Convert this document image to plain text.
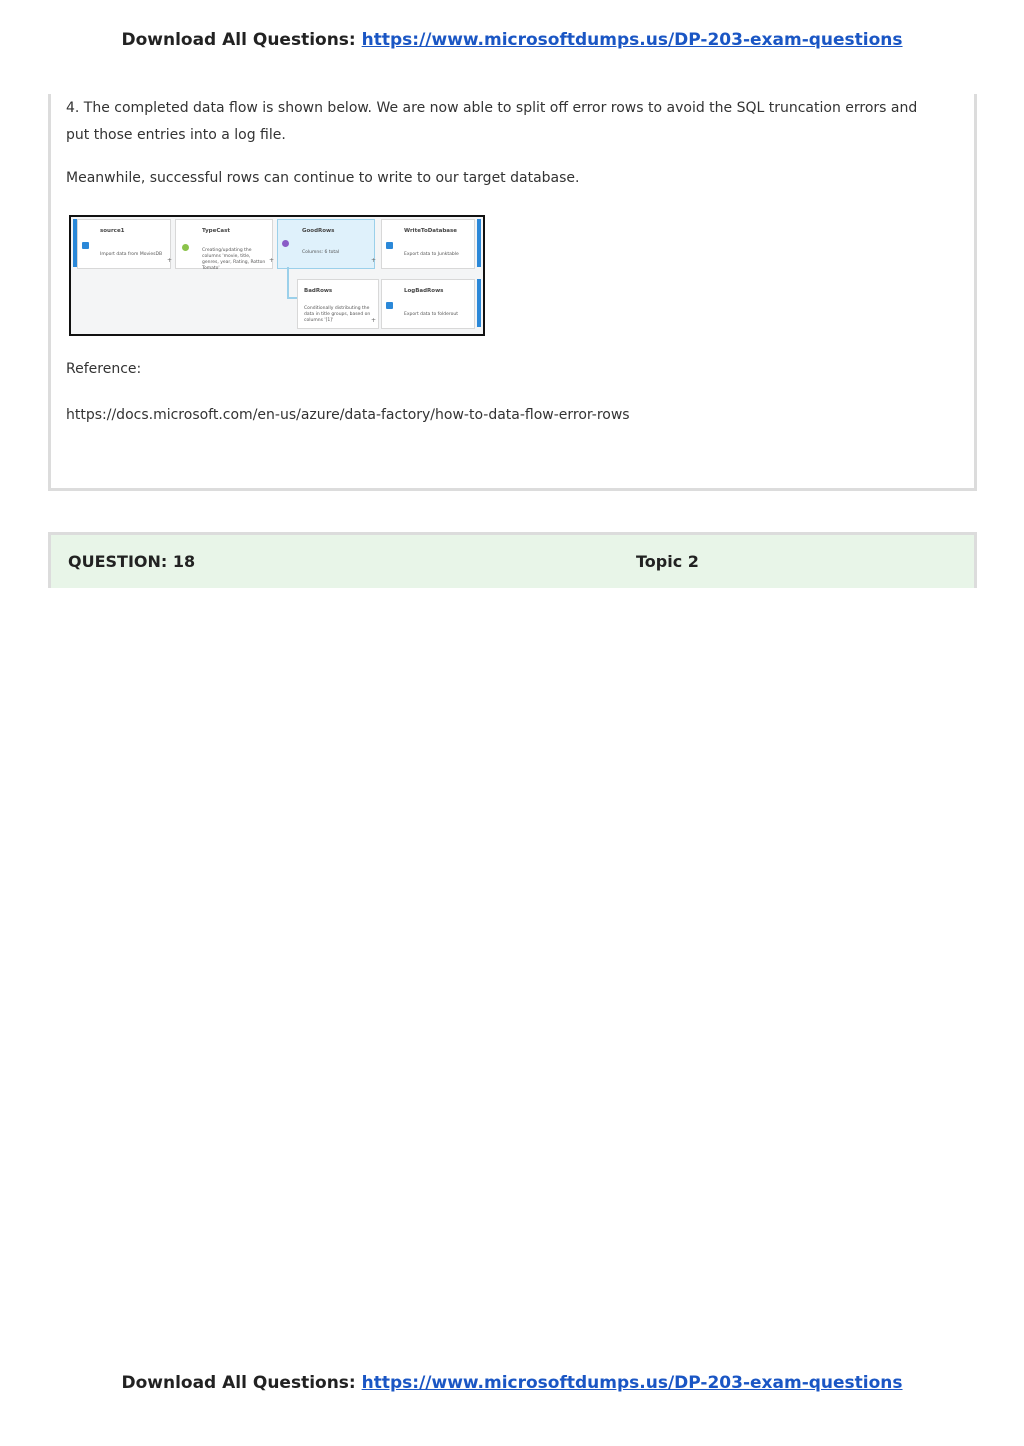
Download All Questions: https://www.microsoftdumps.us/DP-203-exam-questions
4. The completed data flow is shown below. We are now able to split off error rows to avoid the SQL truncation errors and put those entries into a log file.
Meanwhile, successful rows can continue to write to our target database.
source1
Import data from MoviesDB
+
TypeCast
Creating/updating the columns 'movie, title, genres, year, Rating, Rotton Tomato'
+
GoodRows
Columns: 6 total
WriteToDatabase
Export data to Junktable
+
BadRows
Conditionally distributing the data in title groups, based on columns '[1]'	+
LogBadRows
Export data to folderout
Reference:
https://docs.microsoft.com/en-us/azure/data-factory/how-to-data-flow-error-rows
QUESTION: 18	Topic 2
Download All Questions: https://www.microsoftdumps.us/DP-203-exam-questions
